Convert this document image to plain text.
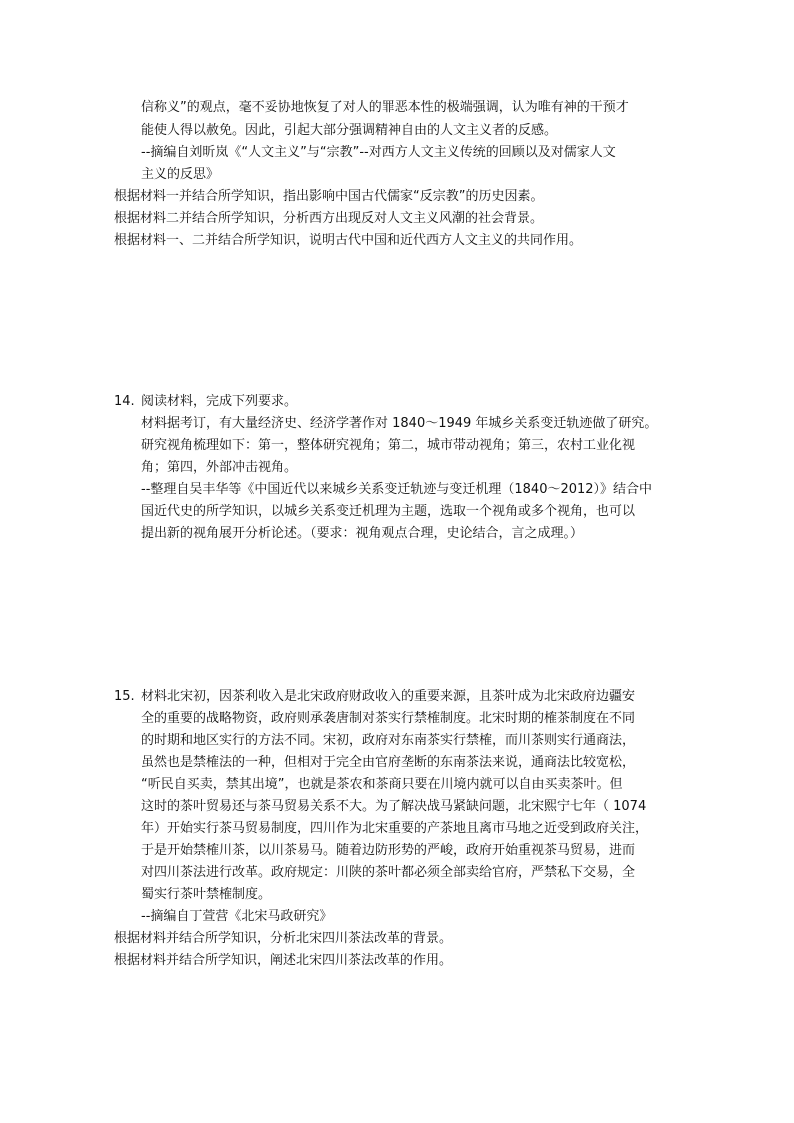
信称义”的观点，毫不妥协地恢复了对人的罪恶本性的极端强调，认为唯有神的干预才
能使人得以赦免。因此，引起大部分强调精神自由的人文主义者的反感。
--摘编自刘昕岚《“人文主义”与“宗教”--对西方人文主义传统的回顾以及对儒家人文
主义的反思》
根据材料一并结合所学知识，指出影响中国古代儒家“反宗教”的历史因素。
根据材料二并结合所学知识，分析西方出现反对人文主义风潮的社会背景。
根据材料一、二并结合所学知识，说明古代中国和近代西方人文主义的共同作用。
14. 阅读材料，完成下列要求。
材料据考订，有大量经济史、经济学著作对 1840～1949 年城乡关系变迁轨迹做了研究。
研究视角梳理如下：第一，整体研究视角；第二，城市带动视角；第三，农村工业化视
角；第四，外部冲击视角。
--整理自吴丰华等《中国近代以来城乡关系变迁轨迹与变迁机理（1840～2012）》结合中
国近代史的所学知识，以城乡关系变迁机理为主题，选取一个视角或多个视角，也可以
提出新的视角展开分析论述。（要求：视角观点合理，史论结合，言之成理。）
15. 材料北宋初，因茶利收入是北宋政府财政收入的重要来源，且茶叶成为北宋政府边疆安
全的重要的战略物资，政府则承袭唐制对茶实行禁榷制度。北宋时期的榷茶制度在不同
的时期和地区实行的方法不同。宋初，政府对东南茶实行禁榷，而川茶则实行通商法，
虽然也是禁榷法的一种，但相对于完全由官府垄断的东南茶法来说，通商法比较宽松，
“听民自买卖，禁其出境”，也就是茶农和茶商只要在川境内就可以自由买卖茶叶。但
这时的茶叶贸易还与茶马贸易关系不大。为了解决战马紧缺问题，北宋熙宁七年（ 1074
年）开始实行茶马贸易制度，四川作为北宋重要的产茶地且离市马地之近受到政府关注，
于是开始禁榷川茶，以川茶易马。随着边防形势的严峻，政府开始重视茶马贸易，进而
对四川茶法进行改革。政府规定：川陕的茶叶都必须全部卖给官府，严禁私下交易，全
蜀实行茶叶禁榷制度。
--摘编自丁萱营《北宋马政研究》
根据材料并结合所学知识，分析北宋四川茶法改革的背景。
根据材料并结合所学知识，阐述北宋四川茶法改革的作用。
